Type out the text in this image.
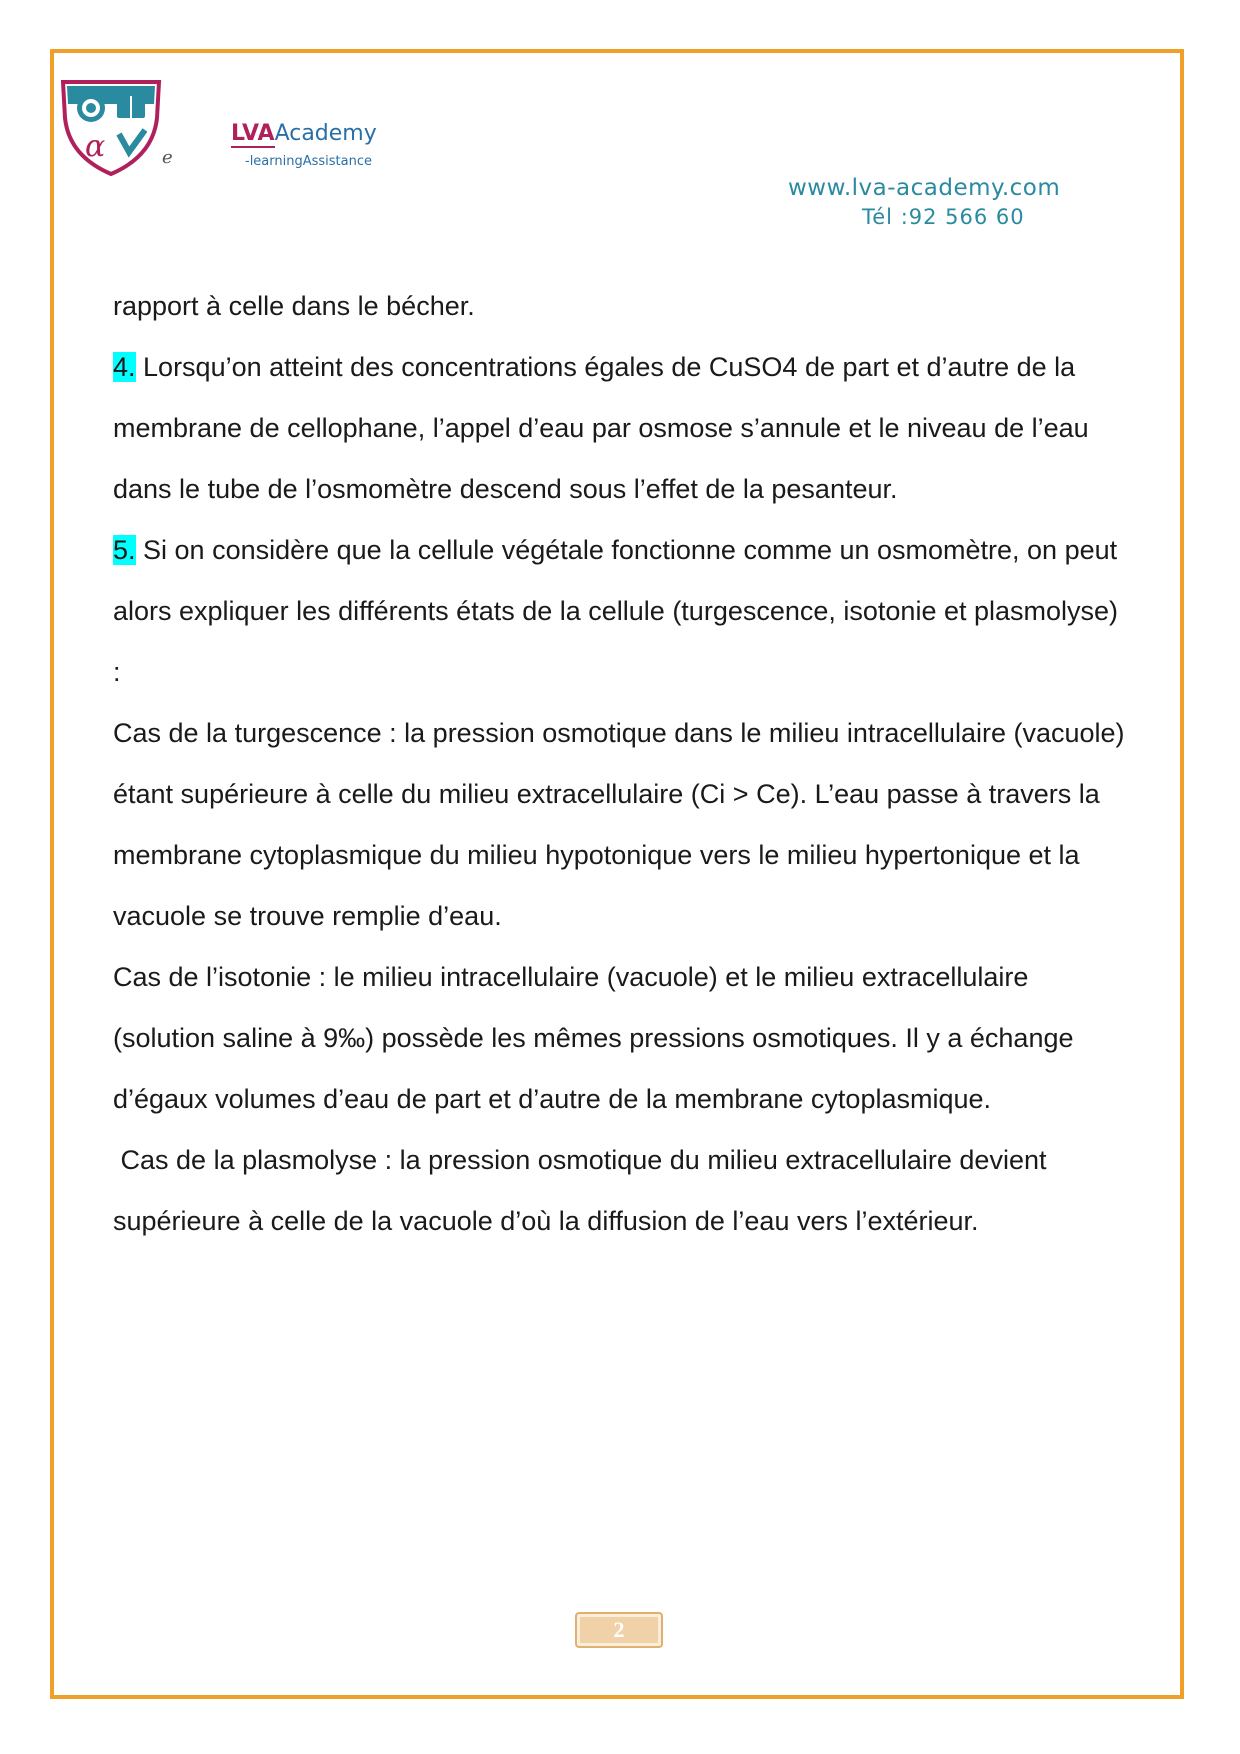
α	e
LVAAcademy
-learningAssistance
www.lva-academy.com
Tél :92 566 60

rapport à celle dans le bécher.

4. Lorsqu’on atteint des concentrations égales de CuSO4 de part et d’autre de la membrane de cellophane, l’appel d’eau par osmose s’annule et le niveau de l’eau dans le tube de l’osmomètre descend sous l’effet de la pesanteur.

5. Si on considère que la cellule végétale fonctionne comme un osmomètre, on peut alors expliquer les différents états de la cellule (turgescence, isotonie et plasmolyse) :

Cas de la turgescence : la pression osmotique dans le milieu intracellulaire (vacuole) étant supérieure à celle du milieu extracellulaire (Ci > Ce). L’eau passe à travers la membrane cytoplasmique du milieu hypotonique vers le milieu hypertonique et la vacuole se trouve remplie d’eau.

Cas de l’isotonie : le milieu intracellulaire (vacuole) et le milieu extracellulaire (solution saline à 9‰) possède les mêmes pressions osmotiques. Il y a échange d’égaux volumes d’eau de part et d’autre de la membrane cytoplasmique.

Cas de la plasmolyse : la pression osmotique du milieu extracellulaire devient supérieure à celle de la vacuole d’où la diffusion de l’eau vers l’extérieur.

2
